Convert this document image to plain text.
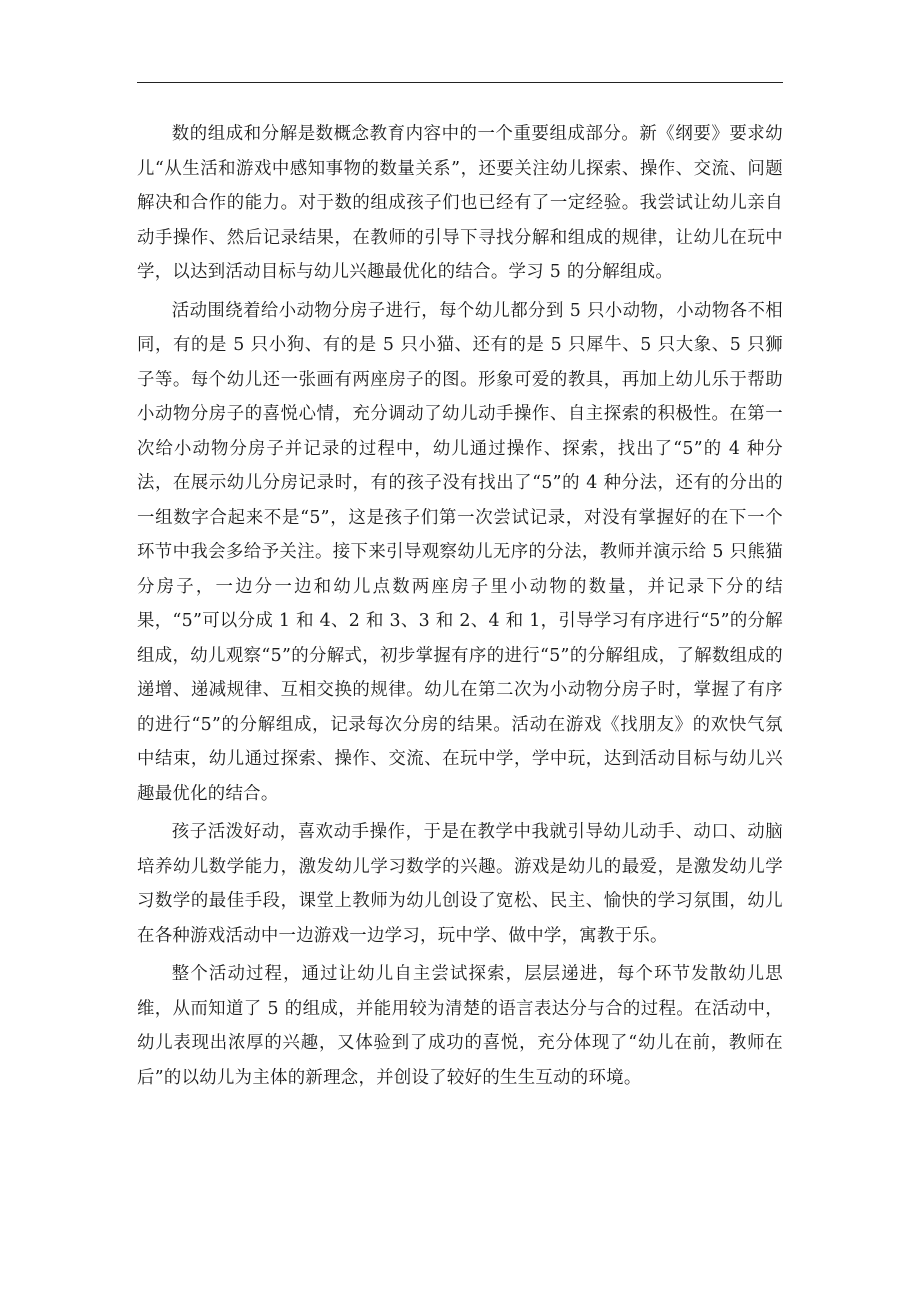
数的组成和分解是数概念教育内容中的一个重要组成部分。新《纲要》要求幼儿“从生活和游戏中感知事物的数量关系”，还要关注幼儿探索、操作、交流、问题解决和合作的能力。对于数的组成孩子们也已经有了一定经验。我尝试让幼儿亲自动手操作、然后记录结果，在教师的引导下寻找分解和组成的规律，让幼儿在玩中学，以达到活动目标与幼儿兴趣最优化的结合。学习 5 的分解组成。

活动围绕着给小动物分房子进行，每个幼儿都分到 5 只小动物，小动物各不相同，有的是 5 只小狗、有的是 5 只小猫、还有的是 5 只犀牛、5 只大象、5 只狮子等。每个幼儿还一张画有两座房子的图。形象可爱的教具，再加上幼儿乐于帮助小动物分房子的喜悦心情，充分调动了幼儿动手操作、自主探索的积极性。在第一次给小动物分房子并记录的过程中，幼儿通过操作、探索，找出了“5”的 4 种分法，在展示幼儿分房记录时，有的孩子没有找出了“5”的 4 种分法，还有的分出的一组数字合起来不是“5”，这是孩子们第一次尝试记录，对没有掌握好的在下一个环节中我会多给予关注。接下来引导观察幼儿无序的分法，教师并演示给 5 只熊猫分房子，一边分一边和幼儿点数两座房子里小动物的数量，并记录下分的结果，“5”可以分成 1 和 4、2 和 3、3 和 2、4 和 1，引导学习有序进行“5”的分解组成，幼儿观察“5”的分解式，初步掌握有序的进行“5”的分解组成，了解数组成的递增、递减规律、互相交换的规律。幼儿在第二次为小动物分房子时，掌握了有序的进行“5”的分解组成，记录每次分房的结果。活动在游戏《找朋友》的欢快气氛中结束，幼儿通过探索、操作、交流、在玩中学，学中玩，达到活动目标与幼儿兴趣最优化的结合。

孩子活泼好动，喜欢动手操作，于是在教学中我就引导幼儿动手、动口、动脑培养幼儿数学能力，激发幼儿学习数学的兴趣。游戏是幼儿的最爱，是激发幼儿学习数学的最佳手段，课堂上教师为幼儿创设了宽松、民主、愉快的学习氛围，幼儿在各种游戏活动中一边游戏一边学习，玩中学、做中学，寓教于乐。

整个活动过程，通过让幼儿自主尝试探索，层层递进，每个环节发散幼儿思维，从而知道了 5 的组成，并能用较为清楚的语言表达分与合的过程。在活动中，幼儿表现出浓厚的兴趣，又体验到了成功的喜悦，充分体现了“幼儿在前，教师在后”的以幼儿为主体的新理念，并创设了较好的生生互动的环境。
